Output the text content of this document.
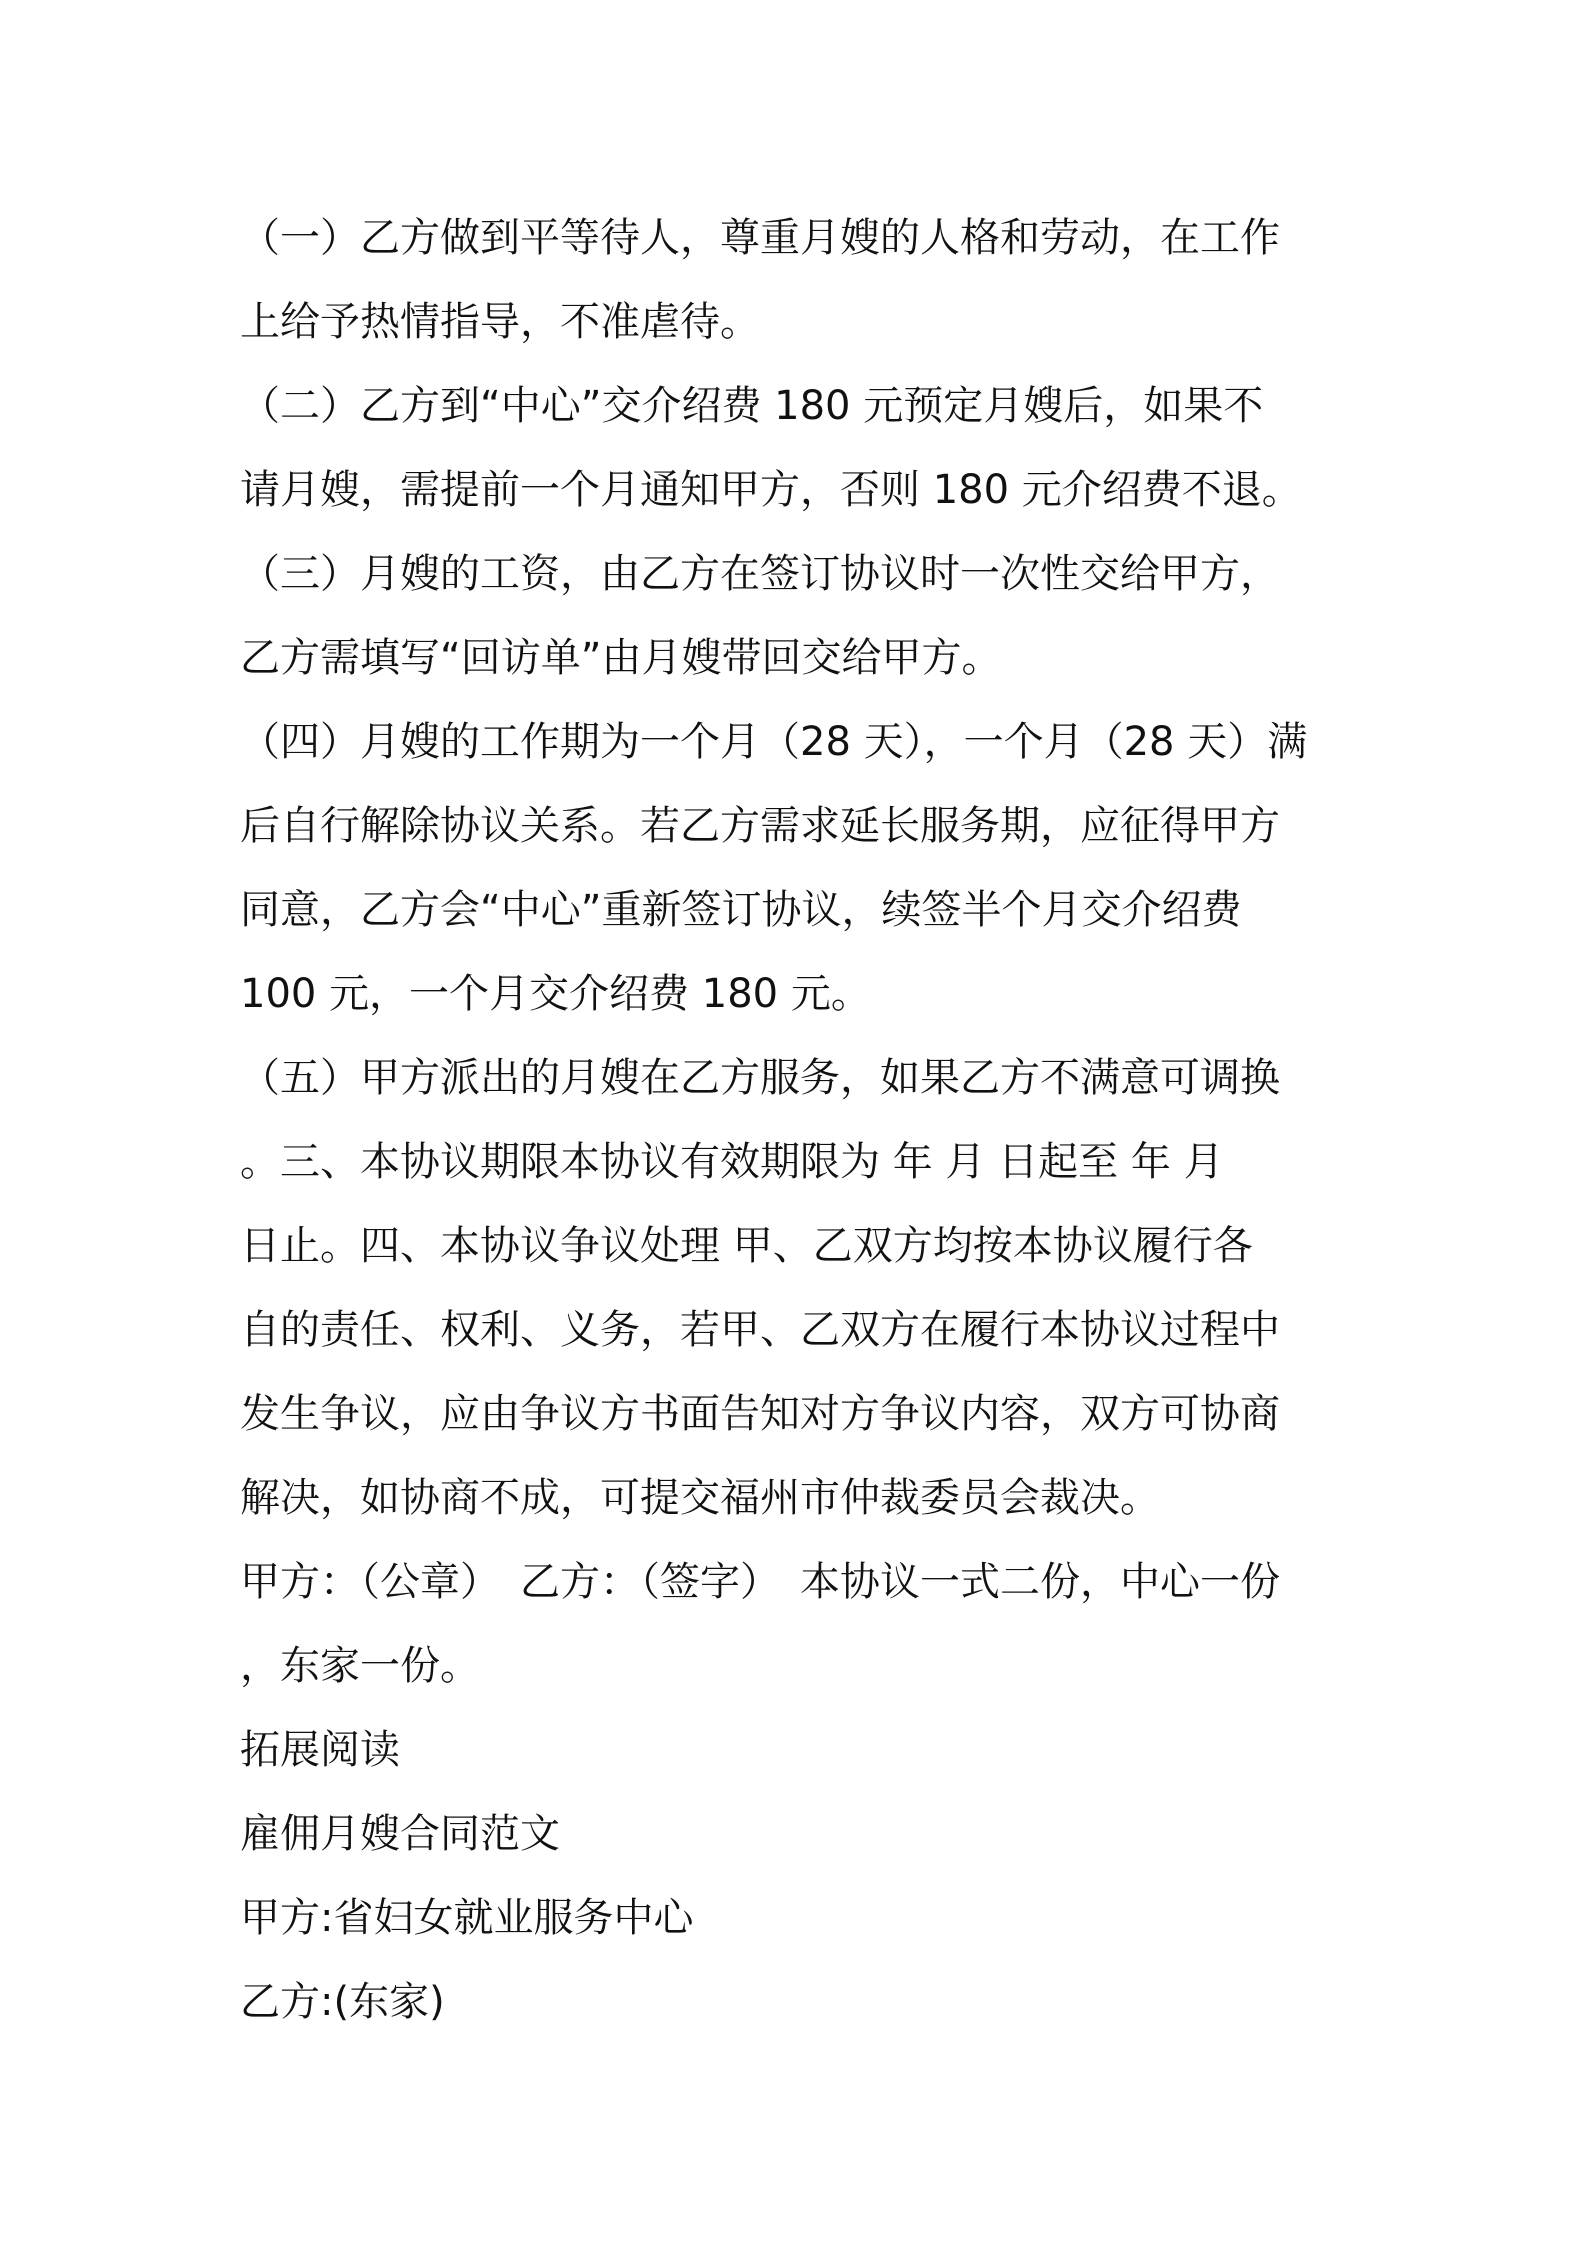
（一）乙方做到平等待人，尊重月嫂的人格和劳动，在工作
上给予热情指导，不准虐待。
（二）乙方到“中心”交介绍费 180 元预定月嫂后，如果不
请月嫂，需提前一个月通知甲方，否则 180 元介绍费不退。
（三）月嫂的工资，由乙方在签订协议时一次性交给甲方，
乙方需填写“回访单”由月嫂带回交给甲方。
（四）月嫂的工作期为一个月（28 天），一个月（28 天）满
后自行解除协议关系。若乙方需求延长服务期，应征得甲方
同意，乙方会“中心”重新签订协议，续签半个月交介绍费
100 元，一个月交介绍费 180 元。
（五）甲方派出的月嫂在乙方服务，如果乙方不满意可调换
。三、本协议期限本协议有效期限为 年 月 日起至 年 月
日止。四、本协议争议处理 甲、乙双方均按本协议履行各
自的责任、权利、义务，若甲、乙双方在履行本协议过程中
发生争议，应由争议方书面告知对方争议内容，双方可协商
解决，如协商不成，可提交福州市仲裁委员会裁决。
甲方：（公章）　乙方：（签字）　本协议一式二份，中心一份
，东家一份。
拓展阅读
雇佣月嫂合同范文
甲方:省妇女就业服务中心
乙方:(东家)
